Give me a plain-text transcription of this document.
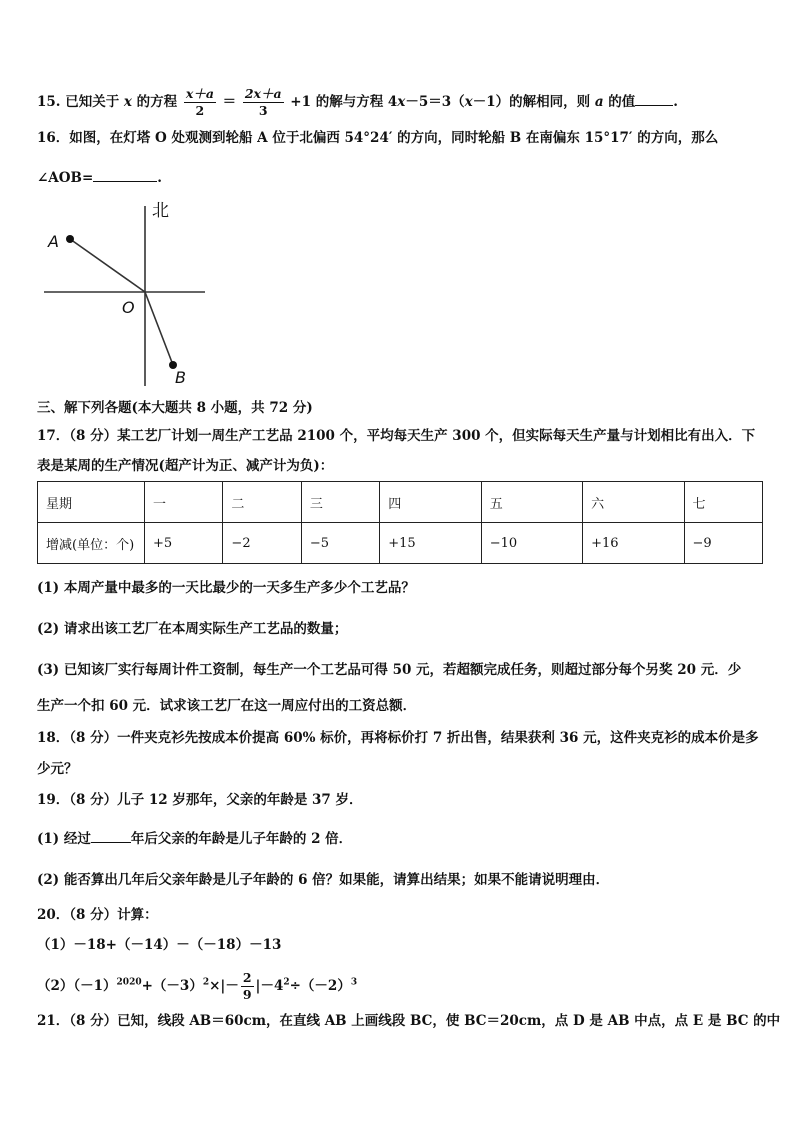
15. 已知关于 x 的方程 $\frac{x+a}{2} = \frac{2x+a}{3} +1$ 的解与方程 4x－5＝3（x－1）的解相同，则 a 的值	.
16．如图，在灯塔 O 处观测到轮船 A 位于北偏西 54°24′ 的方向，同时轮船 B 在南偏东 15°17′ 的方向，那么
∠AOB=	.
北
A
O
B
三、解下列各题(本大题共 8 小题，共 72 分)
17．（8 分）某工艺厂计划一周生产工艺品 2100 个，平均每天生产 300 个，但实际每天生产量与计划相比有出入．下
表是某周的生产情况(超产计为正、减产计为负)：
星期	一	二	三	四	五	六	七
增减(单位：个)	+5	−2	−5	+15	−10	+16	−9
(1) 本周产量中最多的一天比最少的一天多生产多少个工艺品？
(2) 请求出该工艺厂在本周实际生产工艺品的数量；
(3) 已知该厂实行每周计件工资制，每生产一个工艺品可得 50 元，若超额完成任务，则超过部分每个另奖 20 元．少
生产一个扣 60 元．试求该工艺厂在这一周应付出的工资总额．
18．（8 分）一件夹克衫先按成本价提高 60% 标价，再将标价打 7 折出售，结果获利 36 元，这件夹克衫的成本价是多
少元？
19．（8 分）儿子 12 岁那年，父亲的年龄是 37 岁．
(1) 经过	年后父亲的年龄是儿子年龄的 2 倍．
(2) 能否算出几年后父亲年龄是儿子年龄的 6 倍？如果能，请算出结果；如果不能请说明理由．
20．（8 分）计算：
（1）－18+（－14）－（－18）－13
$(2)(-1)^{2020}+(-3)^2\times|- \frac{2}{9} |-4^2\div(-2)^3$
21．（8 分）已知，线段 AB＝60cm，在直线 AB 上画线段 BC，使 BC＝20cm，点 D 是 AB 中点，点 E 是 BC 的中
